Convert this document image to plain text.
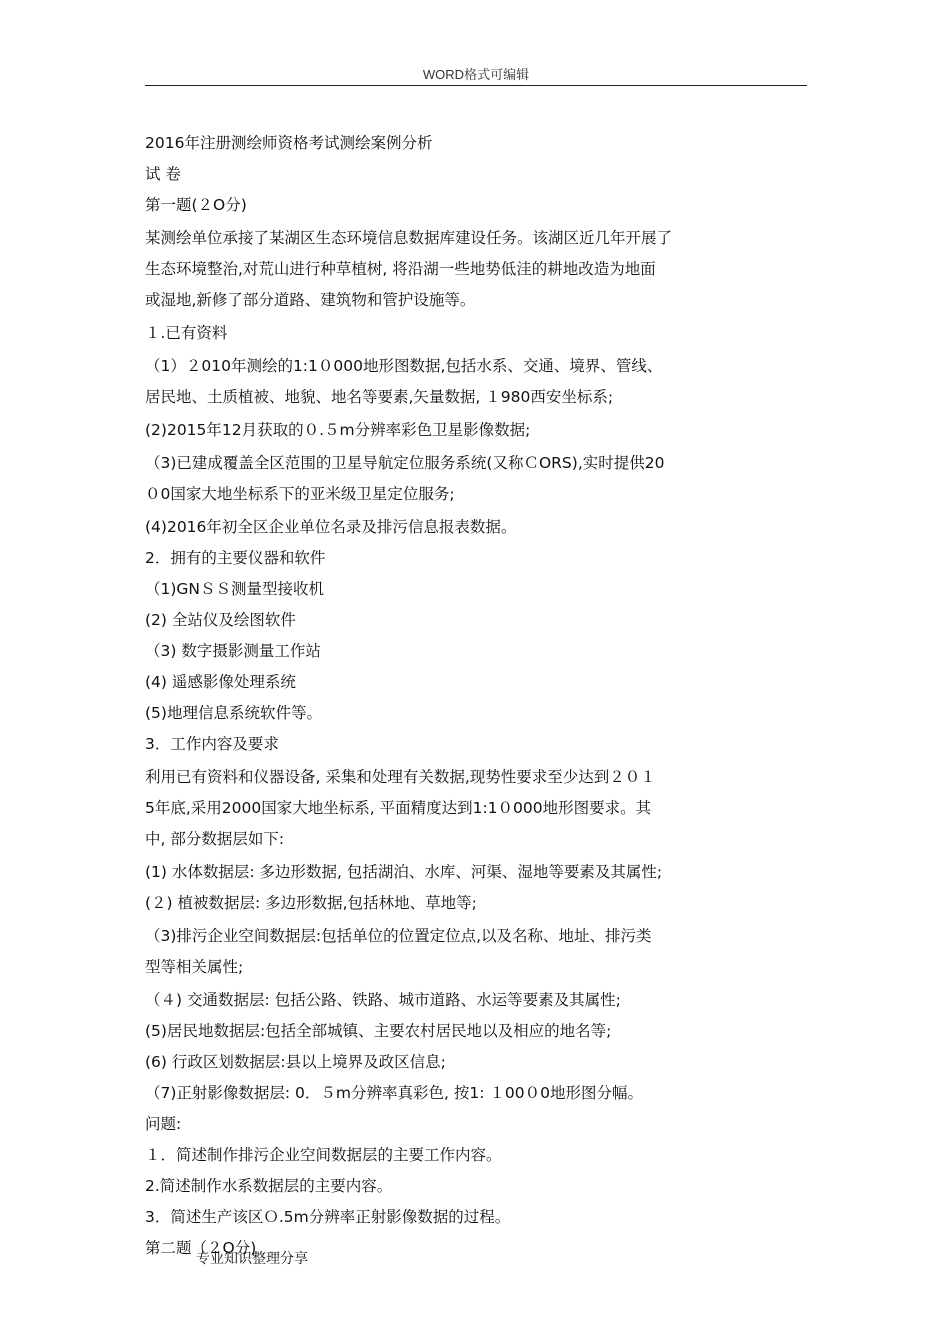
WORD格式可编辑
2016年注册测绘师资格考试测绘案例分析
试 卷
第一题(２O分)
某测绘单位承接了某湖区生态环境信息数据库建设任务。该湖区近几年开展了
生态环境整治,对荒山进行种草植树, 将沿湖一些地势低洼的耕地改造为地面
或湿地,新修了部分道路、建筑物和管护设施等。
１.已有资料
（1）２010年测绘的1:1０000地形图数据,包括水系、交通、境界、管线、
居民地、土质植被、地貌、地名等要素,矢量数据, １980西安坐标系;
(2)2015年12月获取的０.５m分辨率彩色卫星影像数据;
（3)已建成覆盖全区范围的卫星导航定位服务系统(又称ＣORS),实时提供20
０0国家大地坐标系下的亚米级卫星定位服务;
(4)2016年初全区企业单位名录及排污信息报表数据。
2．拥有的主要仪器和软件
（1)GNＳＳ测量型接收机
(2) 全站仪及绘图软件
（3) 数字摄影测量工作站
(4) 遥感影像处理系统
(5)地理信息系统软件等。
3．工作内容及要求
利用已有资料和仪器设备, 采集和处理有关数据,现势性要求至少达到２０１
5年底,采用2000国家大地坐标系, 平面精度达到1:1０000地形图要求。其
中, 部分数据层如下:
(1) 水体数据层: 多边形数据, 包括湖泊、水库、河渠、湿地等要素及其属性;
(２) 植被数据层: 多边形数据,包括林地、草地等;
（3)排污企业空间数据层:包括单位的位置定位点,以及名称、地址、排污类
型等相关属性;
（４) 交通数据层: 包括公路、铁路、城市道路、水运等要素及其属性;
(5)居民地数据层:包括全部城镇、主要农村居民地以及相应的地名等;
(6) 行政区划数据层:县以上境界及政区信息;
（7)正射影像数据层: 0．５m分辨率真彩色, 按1: １00０0地形图分幅。
问题:
１．简述制作排污企业空间数据层的主要工作内容。
2.简述制作水系数据层的主要内容。
3．简述生产该区Ｏ.5m分辨率正射影像数据的过程。
第二题（２O分)
专业知识整理分享
